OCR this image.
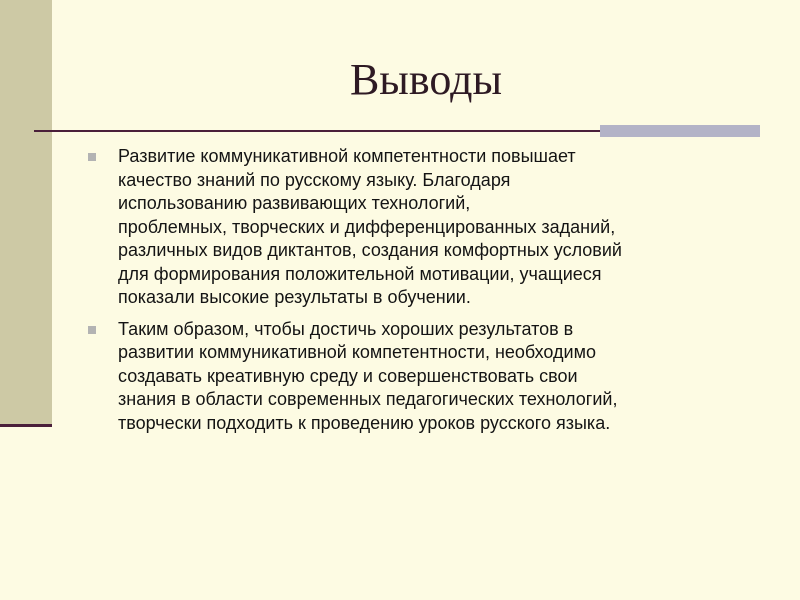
Выводы
Развитие коммуникативной компетентности повышает
качество знаний по русскому языку. Благодаря
использованию развивающих технологий,
проблемных, творческих и дифференцированных заданий,
различных видов диктантов, создания комфортных условий
для формирования положительной мотивации, учащиеся
показали высокие результаты в обучении.
Таким образом, чтобы достичь хороших результатов в
развитии коммуникативной компетентности, необходимо
создавать креативную среду и совершенствовать свои
знания в области современных педагогических технологий,
творчески подходить к проведению уроков русского языка.
